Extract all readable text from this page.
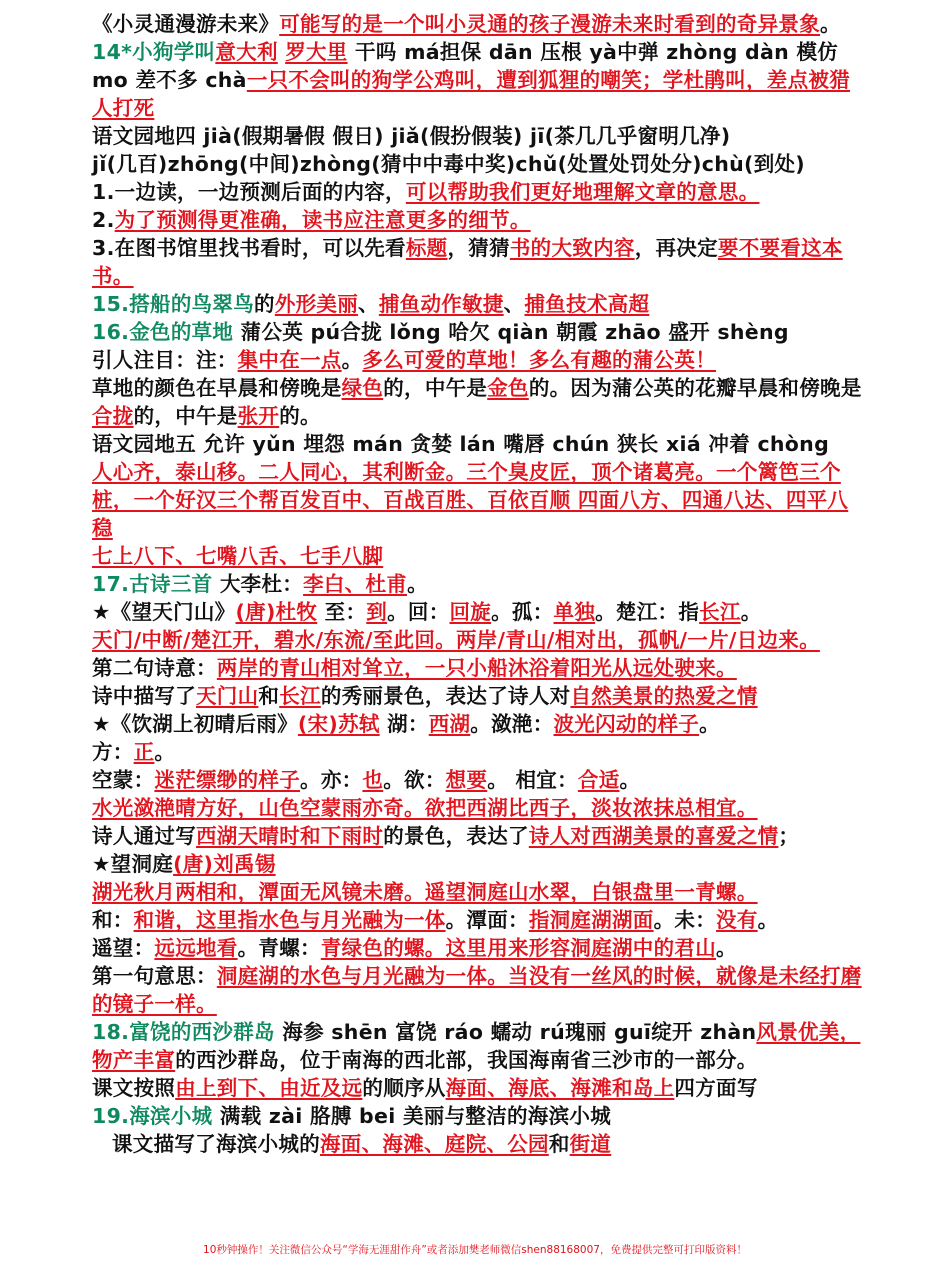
《小灵通漫游未来》可能写的是一个叫小灵通的孩子漫游未来时看到的奇异景象。
14*小狗学叫意大利 罗大里 干吗 má担保 dān 压根 yà中弹 zhòng dàn 模仿 mo 差不多 chà一只不会叫的狗学公鸡叫，遭到狐狸的嘲笑；学杜鹃叫，差点被猎人打死
语文园地四 jià(假期暑假 假日) jiǎ(假扮假装) jī(茶几几乎窗明几净)
jǐ(几百)zhōng(中间)zhòng(猜中中毒中奖)chǔ(处置处罚处分)chù(到处)
1.一边读，一边预测后面的内容，可以帮助我们更好地理解文章的意思。
2.为了预测得更准确，读书应注意更多的细节。
3.在图书馆里找书看时，可以先看标题，猜猜书的大致内容，再决定要不要看这本书。
15.搭船的鸟翠鸟的外形美丽、捕鱼动作敏捷、捕鱼技术高超
16.金色的草地 蒲公英 pú合拢 lǒng 哈欠 qiàn 朝霞 zhāo 盛开 shèng
引人注目：注：集中在一点。多么可爱的草地！多么有趣的蒲公英！
草地的颜色在早晨和傍晚是绿色的，中午是金色的。因为蒲公英的花瓣早晨和傍晚是合拢的，中午是张开的。
语文园地五 允许 yǔn 埋怨 mán 贪婪 lán 嘴唇 chún 狭长 xiá 冲着 chòng
人心齐，泰山移。二人同心，其利断金。三个臭皮匠，顶个诸葛亮。一个篱笆三个桩，一个好汉三个帮百发百中、百战百胜、百依百顺 四面八方、四通八达、四平八稳
七上八下、七嘴八舌、七手八脚
17.古诗三首 大李杜：李白、杜甫。
★《望天门山》(唐)杜牧 至：到。回：回旋。孤：单独。楚江：指长江。
天门/中断/楚江开，碧水/东流/至此回。两岸/青山/相对出，孤帆/一片/日边来。
第二句诗意：两岸的青山相对耸立，一只小船沐浴着阳光从远处驶来。
诗中描写了天门山和长江的秀丽景色，表达了诗人对自然美景的热爱之情
★《饮湖上初晴后雨》(宋)苏轼 湖：西湖。潋滟：波光闪动的样子。
方：正。
空蒙：迷茫缥缈的样子。亦：也。欲：想要。 相宜：合适。
水光潋滟晴方好，山色空蒙雨亦奇。欲把西湖比西子，淡妆浓抹总相宜。
诗人通过写西湖天晴时和下雨时的景色，表达了诗人对西湖美景的喜爱之情；
★望洞庭(唐)刘禹锡
湖光秋月两相和，潭面无风镜未磨。遥望洞庭山水翠，白银盘里一青螺。
和：和谐，这里指水色与月光融为一体。潭面：指洞庭湖湖面。未：没有。
遥望：远远地看。青螺：青绿色的螺。这里用来形容洞庭湖中的君山。
第一句意思：洞庭湖的水色与月光融为一体。当没有一丝风的时候，就像是未经打磨的镜子一样。
18.富饶的西沙群岛 海参 shēn 富饶 ráo 蠕动 rú瑰丽 guī绽开 zhàn风景优美，物产丰富的西沙群岛，位于南海的西北部，我国海南省三沙市的一部分。
课文按照由上到下、由近及远的顺序从海面、海底、海滩和岛上四方面写
19.海滨小城 满载 zài 胳膊 bei 美丽与整洁的海滨小城
课文描写了海滨小城的海面、海滩、庭院、公园和街道
10秒钟操作！关注微信公众号“学海无涯甜作舟”或者添加樊老师微信shen88168007，免费提供完整可打印版资料！
